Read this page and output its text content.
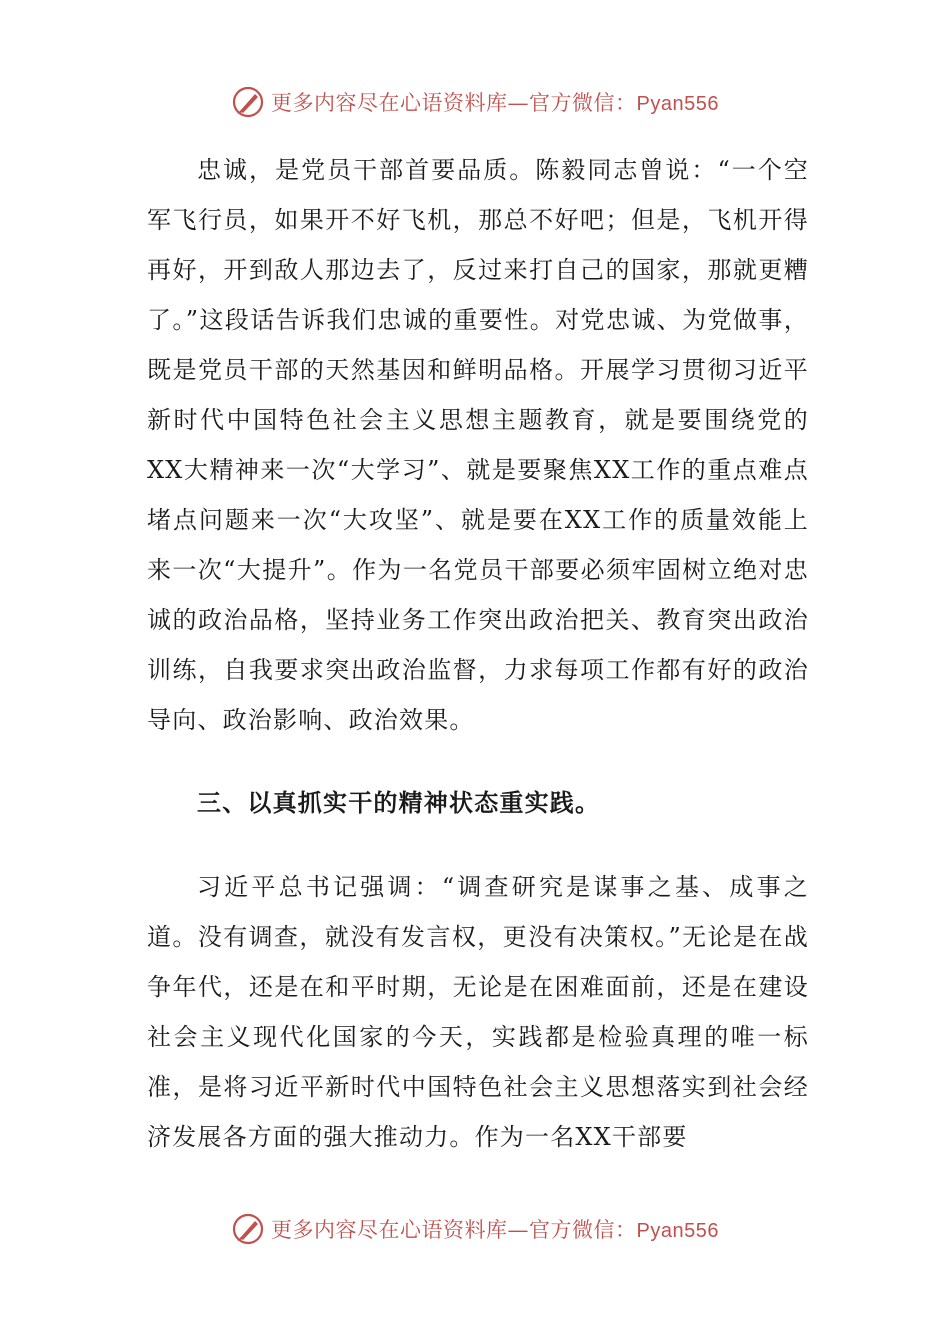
更多内容尽在心语资料库—官方微信：Pyan556

忠诚，是党员干部首要品质。陈毅同志曾说：“一个空军飞行员，如果开不好飞机，那总不好吧；但是，飞机开得再好，开到敌人那边去了，反过来打自己的国家，那就更糟了。”这段话告诉我们忠诚的重要性。对党忠诚、为党做事，既是党员干部的天然基因和鲜明品格。开展学习贯彻习近平新时代中国特色社会主义思想主题教育，就是要围绕党的XX大精神来一次“大学习”、就是要聚焦XX工作的重点难点堵点问题来一次“大攻坚”、就是要在XX工作的质量效能上来一次“大提升”。作为一名党员干部要必须牢固树立绝对忠诚的政治品格，坚持业务工作突出政治把关、教育突出政治训练，自我要求突出政治监督，力求每项工作都有好的政治导向、政治影响、政治效果。

三、以真抓实干的精神状态重实践。

习近平总书记强调：“调查研究是谋事之基、成事之道。没有调查，就没有发言权，更没有决策权。”无论是在战争年代，还是在和平时期，无论是在困难面前，还是在建设社会主义现代化国家的今天，实践都是检验真理的唯一标准，是将习近平新时代中国特色社会主义思想落实到社会经济发展各方面的强大推动力。作为一名XX干部要

更多内容尽在心语资料库—官方微信：Pyan556
